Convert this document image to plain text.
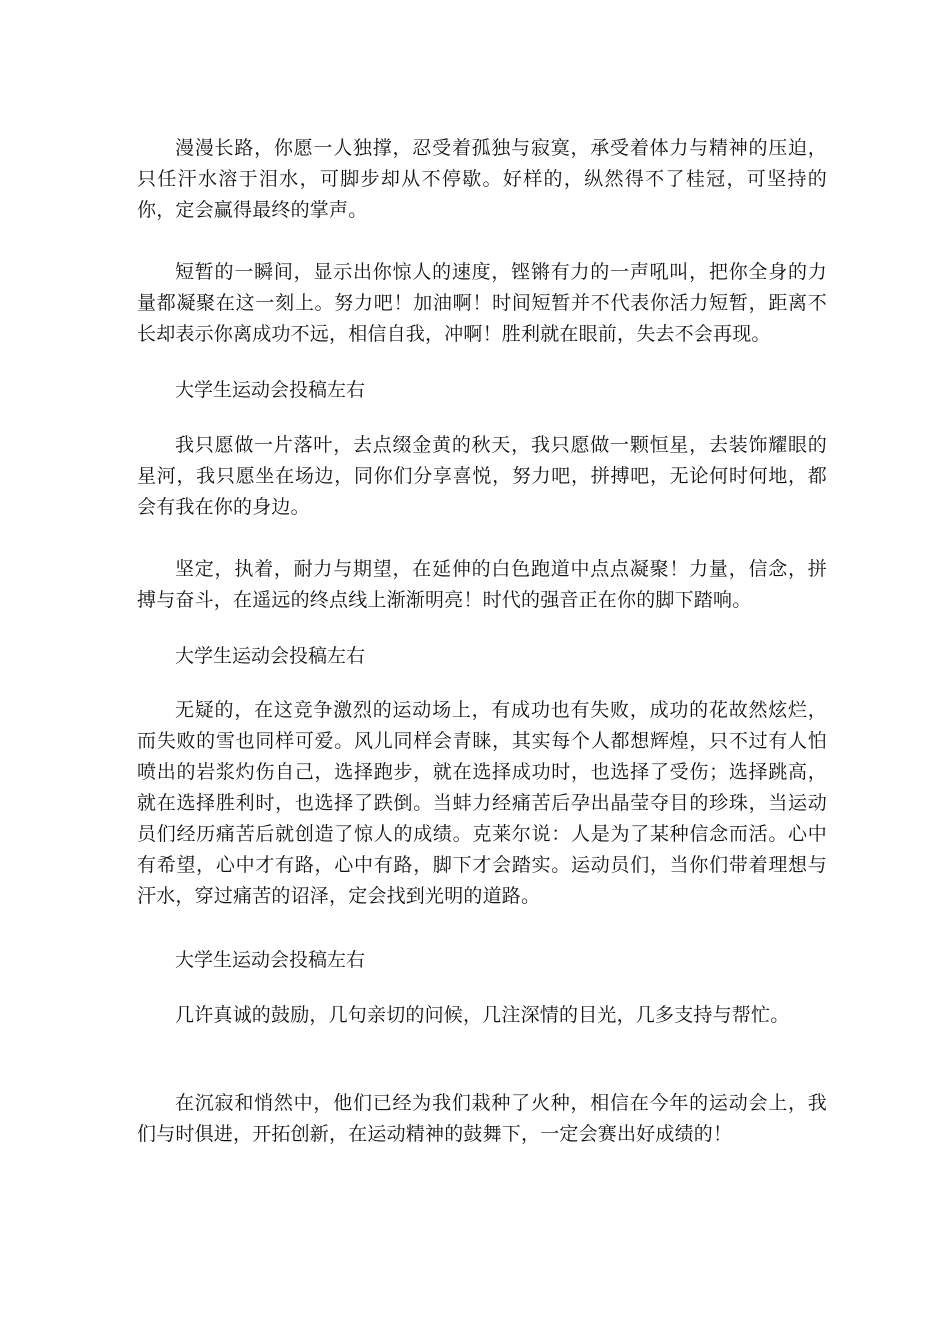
漫漫长路，你愿一人独撑，忍受着孤独与寂寞，承受着体力与精神的压迫，只任汗水溶于泪水，可脚步却从不停歇。好样的，纵然得不了桂冠，可坚持的你，定会赢得最终的掌声。

短暂的一瞬间，显示出你惊人的速度，铿锵有力的一声吼叫，把你全身的力量都凝聚在这一刻上。努力吧！加油啊！时间短暂并不代表你活力短暂，距离不长却表示你离成功不远，相信自我，冲啊！胜利就在眼前，失去不会再现。

大学生运动会投稿左右

我只愿做一片落叶，去点缀金黄的秋天，我只愿做一颗恒星，去装饰耀眼的星河，我只愿坐在场边，同你们分享喜悦，努力吧，拼搏吧，无论何时何地，都会有我在你的身边。

坚定，执着，耐力与期望，在延伸的白色跑道中点点凝聚！力量，信念，拼搏与奋斗，在遥远的终点线上渐渐明亮！时代的强音正在你的脚下踏响。

大学生运动会投稿左右

无疑的，在这竞争激烈的运动场上，有成功也有失败，成功的花故然炫烂，而失败的雪也同样可爱。风儿同样会青睐，其实每个人都想辉煌，只不过有人怕喷出的岩浆灼伤自己，选择跑步，就在选择成功时，也选择了受伤；选择跳高，就在选择胜利时，也选择了跌倒。当蚌力经痛苦后孕出晶莹夺目的珍珠，当运动员们经历痛苦后就创造了惊人的成绩。克莱尔说：人是为了某种信念而活。心中有希望，心中才有路，心中有路，脚下才会踏实。运动员们，当你们带着理想与汗水，穿过痛苦的诏泽，定会找到光明的道路。

大学生运动会投稿左右

几许真诚的鼓励，几句亲切的问候，几注深情的目光，几多支持与帮忙。

在沉寂和悄然中，他们已经为我们栽种了火种，相信在今年的运动会上，我们与时俱进，开拓创新，在运动精神的鼓舞下，一定会赛出好成绩的！
